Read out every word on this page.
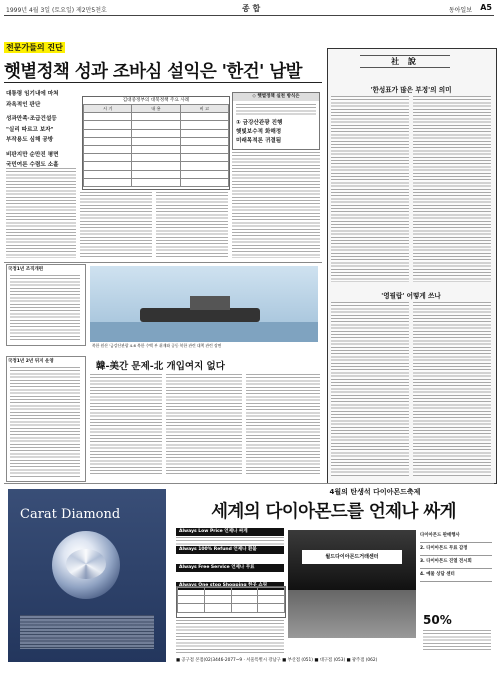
1999년 4월 3일 (토요일) 제2만5천호	종 합	동아일보 A5
전문가들의 진단
햇볕정책 성과 조바심 설익은 '한건' 남발
대통령 임기내에 마쳐
과욕적인 판단
성과만족·조급건설등
"실리 따르고 보자"
부작용도 심해 공방
비판지만 순만진 평면
국민여론 수렴도 소홀
김대중정부의 대북정책 주요 사례
시 기	내 용	비 고

◇ 햇볕정책 실천 방식은
① 금강산관광 진행
햇빛보수적 화해정
미래목적론 귀결됨
국정1년 조직개편
북한 원산 '금강산관광 4-6 북한 수백 부 취재와 공동 북한 관련 대책 관련 장면
국정1년 2년 뒤지 운영	韓-美간 문제-北 개입여지 없다
社 說
'한성표가 많은 부정'의 의미
'영필랍' 어떻게 쓰나
Carat Diamond
4월의 탄생석 다이아몬드축제
세계의 다이아몬드를 언제나 싸게
Always Low Price 언제나 싸게
Always 100% Refund 언제나 환불
Always Free Service 언제나 무료
Always One stop Shopping 한곳 쇼핑

월드다이아몬드거래센터
다이아몬드 판매행사
2. 다이아몬드 무료 감정
3. 다이아몬드 진열 전시회
4. 예물 상담 센터
50%
■ 공구점 본점(02)3446-2077~9 · 서울특별시 강남구 ■ 부산점 (051) ■ 대구점 (053) ■ 광주점 (062)
